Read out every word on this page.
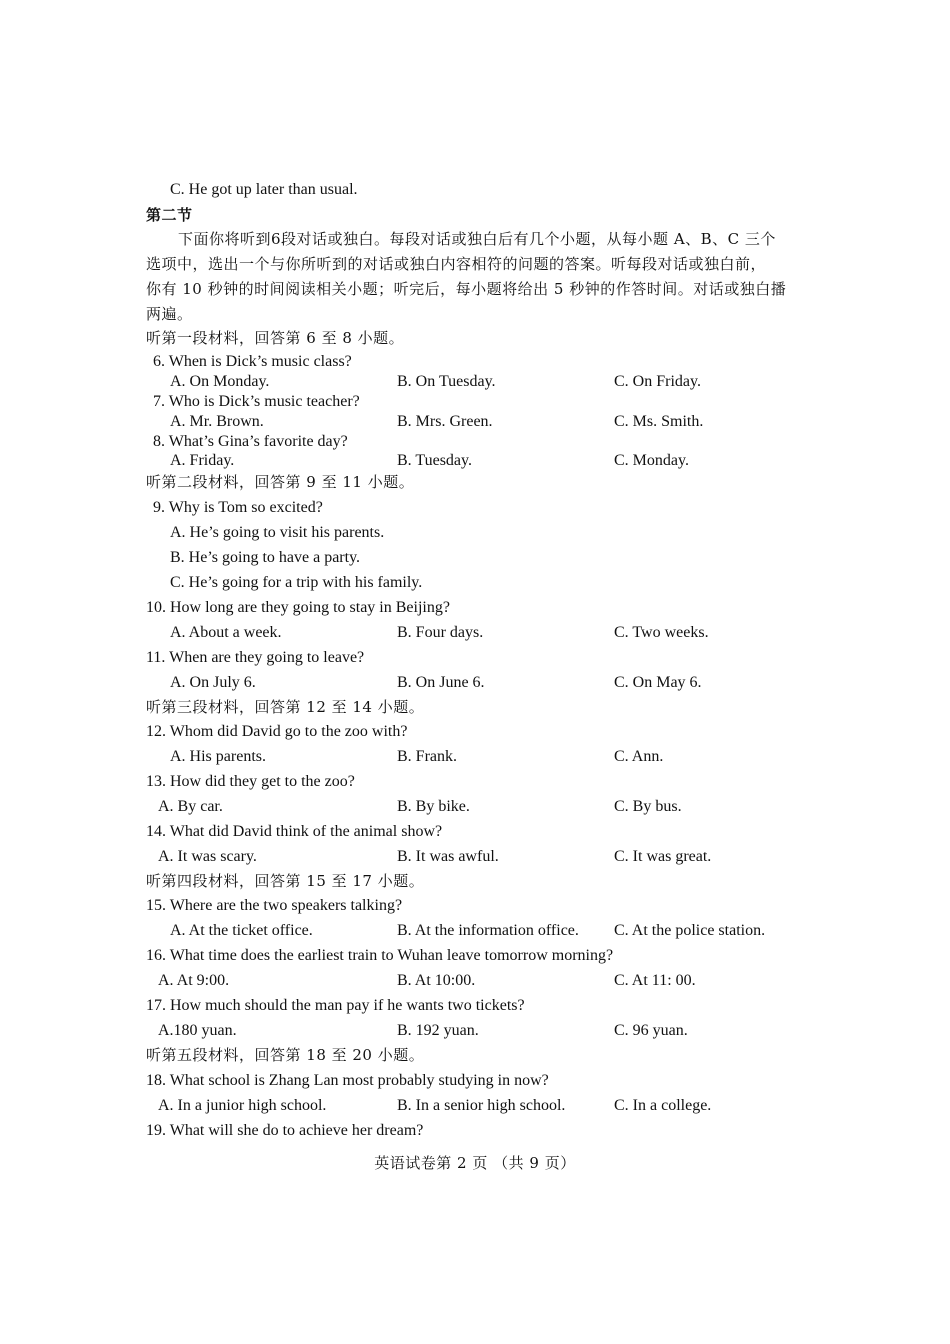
C. He got up later than usual.
第二节
下面你将听到6段对话或独白。每段对话或独白后有几个小题，从每小题 A、B、C 三个
选项中，选出一个与你所听到的对话或独白内容相符的问题的答案。听每段对话或独白前，
你有 10 秒钟的时间阅读相关小题；听完后，每小题将给出 5 秒钟的作答时间。对话或独白播
两遍。
听第一段材料，回答第 6 至 8 小题。
6. When is Dick’s music class?
A. On Monday.	B. On Tuesday.	C. On Friday.
7. Who is Dick’s music teacher?
A. Mr. Brown.	B. Mrs. Green.	C. Ms. Smith.
8. What’s Gina’s favorite day?
A. Friday.	B. Tuesday.	C. Monday.
听第二段材料，回答第 9 至 11 小题。
9. Why is Tom so excited?
A. He’s going to visit his parents.
B. He’s going to have a party.
C. He’s going for a trip with his family.
10. How long are they going to stay in Beijing?
A. About a week.	B. Four days.	C. Two weeks.
11. When are they going to leave?
A. On July 6.	B. On June 6.	C. On May 6.
听第三段材料，回答第 12 至 14 小题。
12. Whom did David go to the zoo with?
A. His parents.	B. Frank.	C. Ann.
13. How did they get to the zoo?
A. By car.	B. By bike.	C. By bus.
14. What did David think of the animal show?
A. It was scary.	B. It was awful.	C. It was great.
听第四段材料，回答第 15 至 17 小题。
15. Where are the two speakers talking?
A. At the ticket office.	B. At the information office. C. At the police station.
16. What time does the earliest train to Wuhan leave tomorrow morning?
A. At 9:00.	B. At 10:00.	C. At 11: 00.
17. How much should the man pay if he wants two tickets?
A.180 yuan.	B. 192 yuan.	C. 96 yuan.
听第五段材料，回答第 18 至 20 小题。
18. What school is Zhang Lan most probably studying in now?
A. In a junior high school.	B. In a senior high school.	C. In a college.
19. What will she do to achieve her dream?
英语试卷第 2 页 （共 9 页）
